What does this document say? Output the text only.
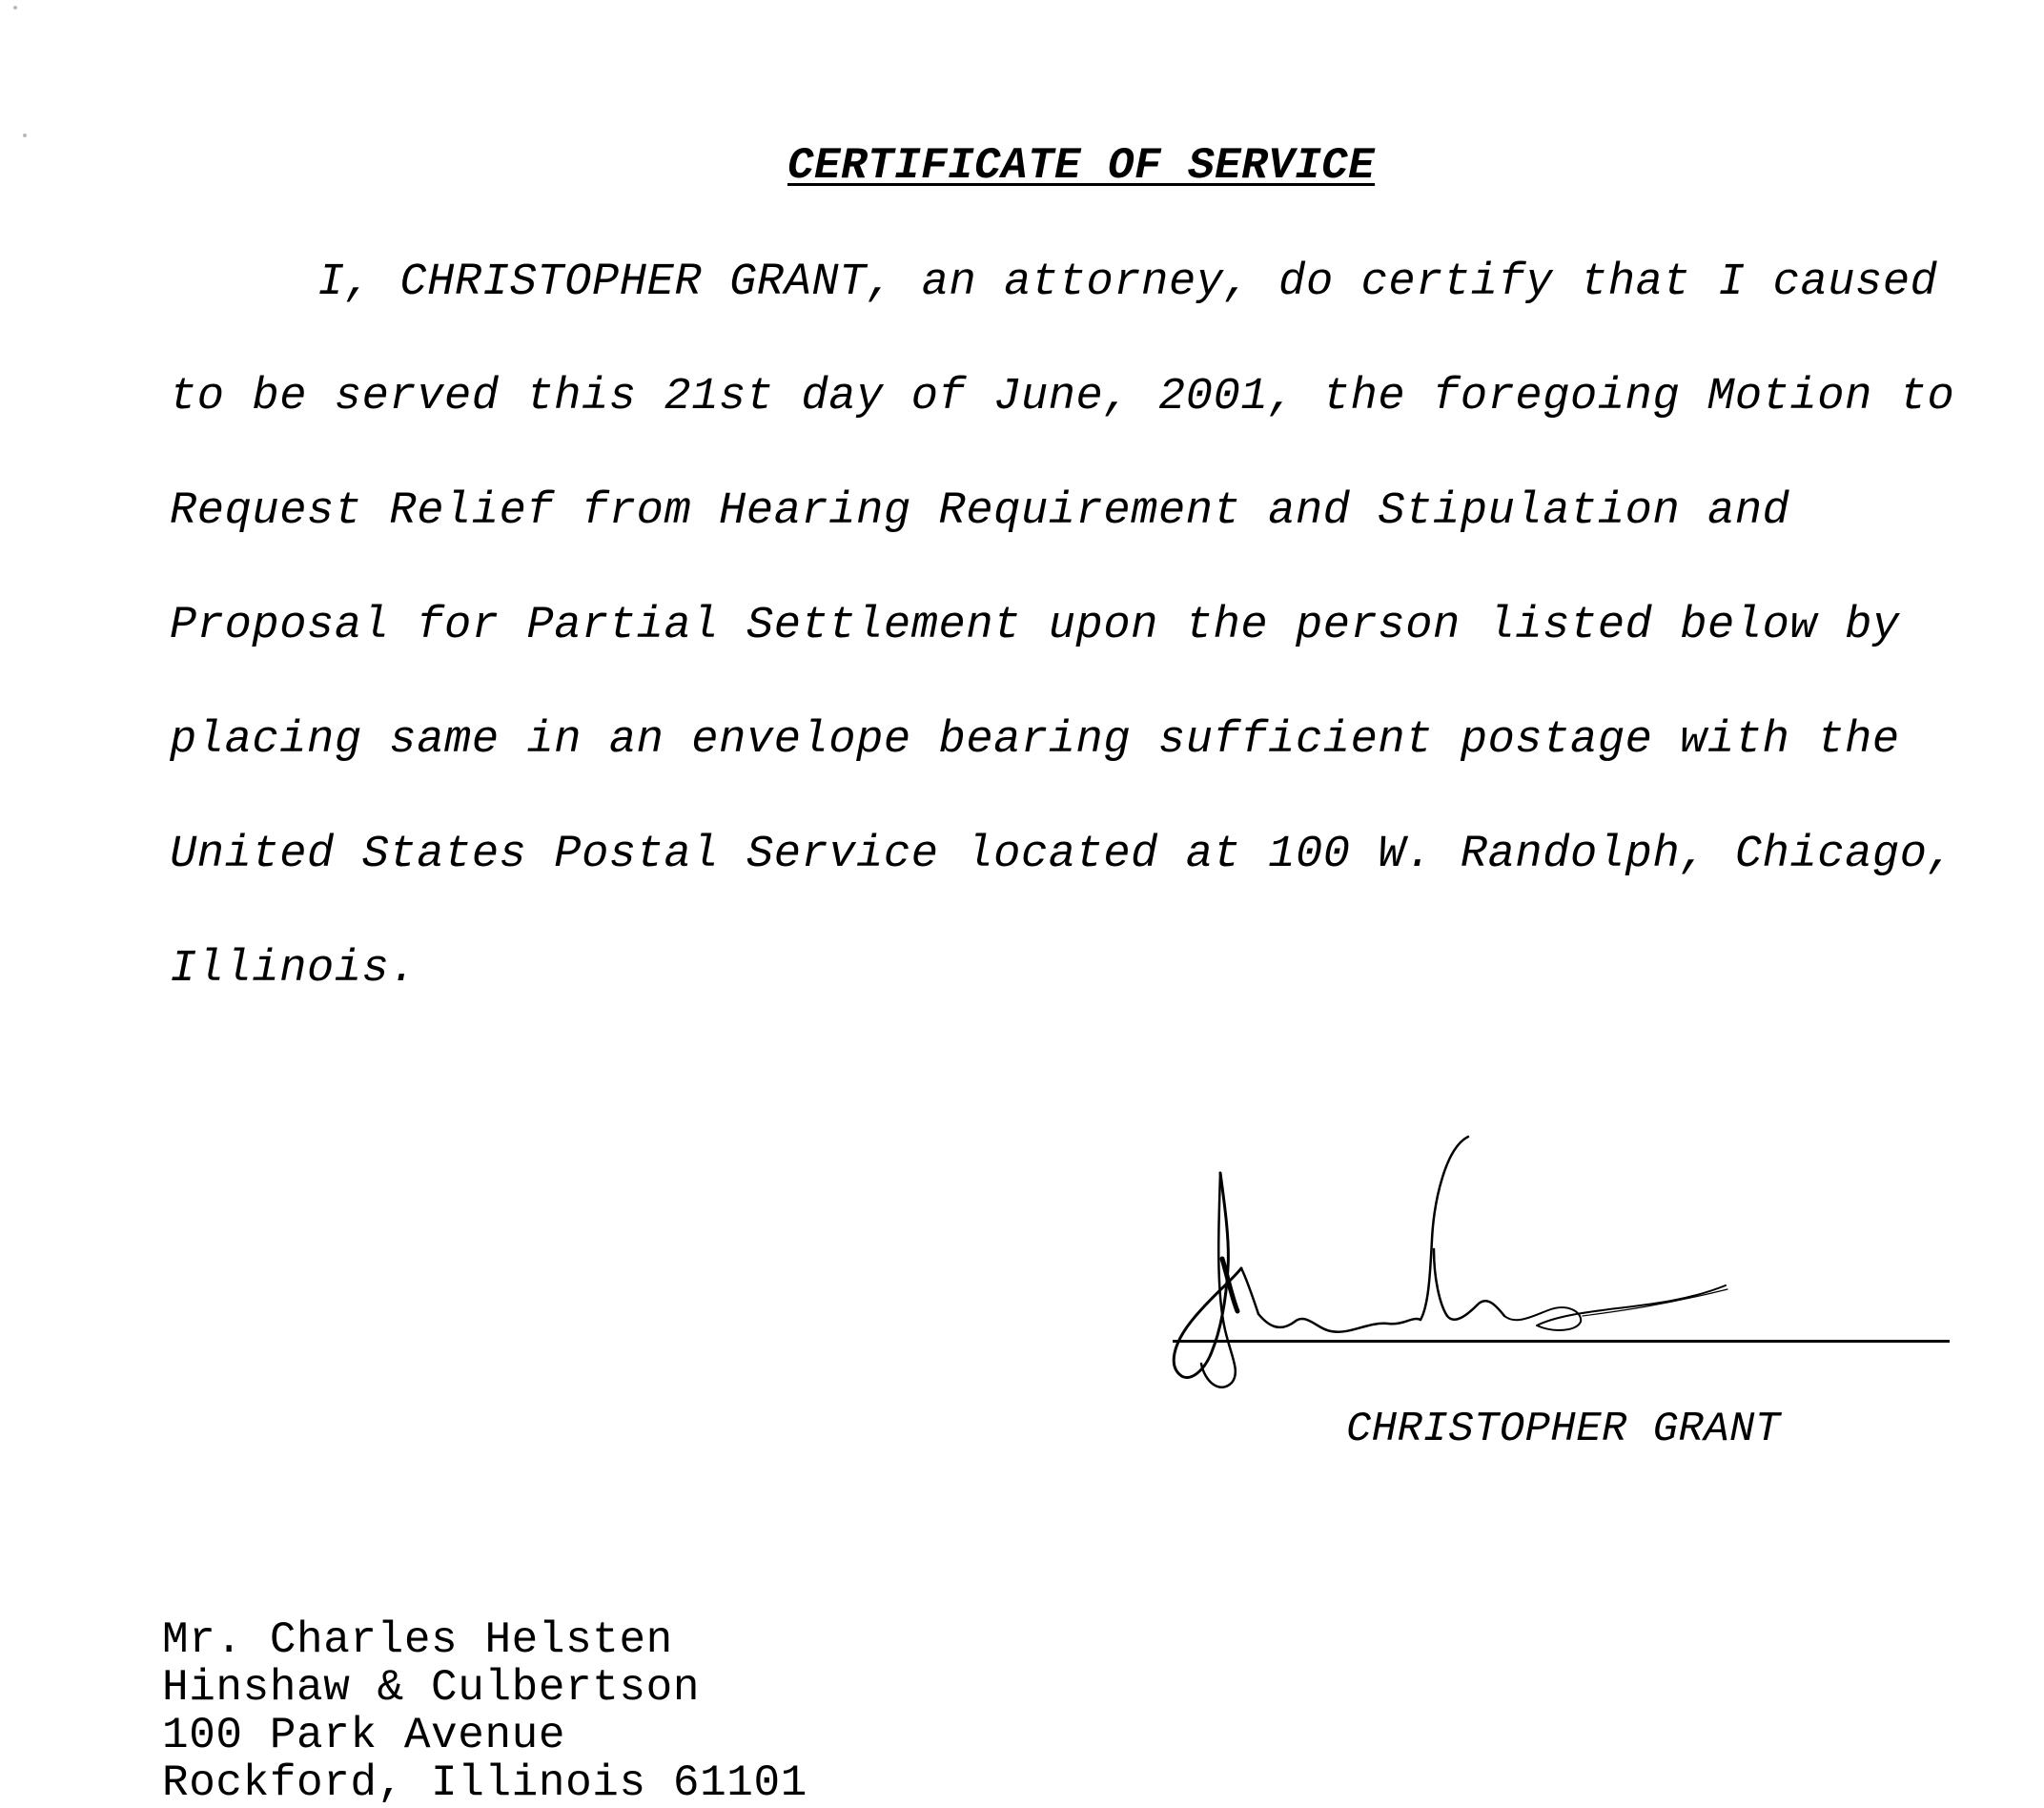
CERTIFICATE OF SERVICE
I, CHRISTOPHER GRANT, an attorney, do certify that I caused
to be served this 21st day of June, 2001, the foregoing Motion to
Request Relief from Hearing Requirement and Stipulation and
Proposal for Partial Settlement upon the person listed below by
placing same in an envelope bearing sufficient postage with the
United States Postal Service located at 100 W. Randolph, Chicago,
Illinois.
CHRISTOPHER GRANT
Mr. Charles Helsten
Hinshaw & Culbertson
100 Park Avenue
Rockford, Illinois 61101
